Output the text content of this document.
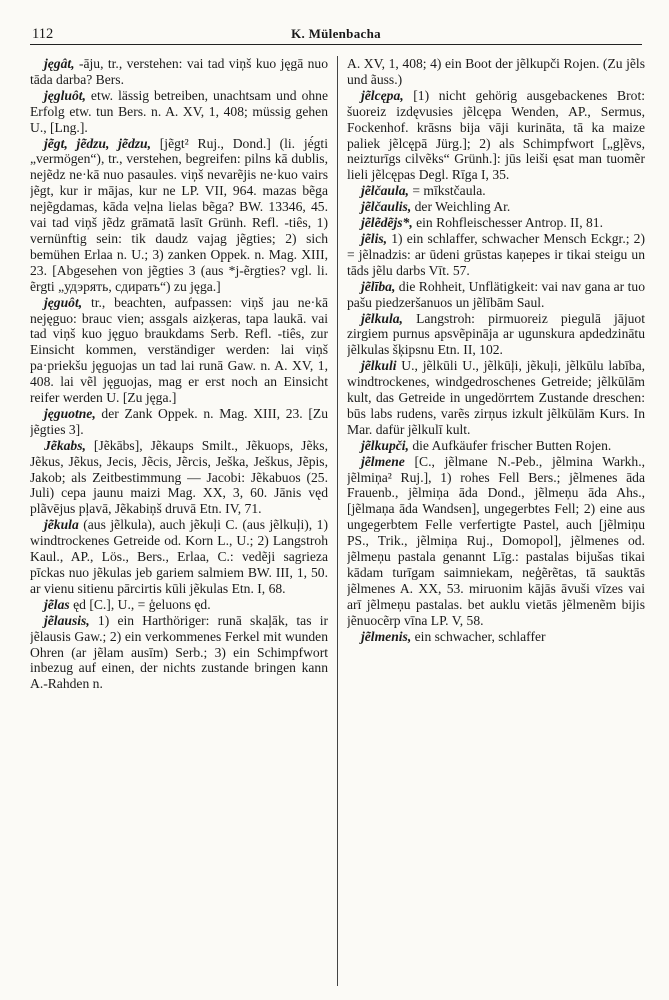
112	K. Mülenbacha

jęgât, -āju, tr., verstehen: vai tad viņš kuo jęgā nuo tāda darba? Bers.

jęgluôt, etw. lässig betreiben, unachtsam und ohne Erfolg etw. tun Bers. n. A. XV, 1, 408; müssig gehen U., [Lng.].

jẽgt, jẽdzu, jẽdzu, [jẽgt² Ruj., Dond.] (li. jė́gti „vermögen“), tr., verstehen, begreifen: pilns kā dublis, nejẽdz ne·kā nuo pasaules. viņš nevarẽjis ne·kuo vairs jẽgt, kur ir mājas, kur ne LP. VII, 964. mazas bẽga nejẽgdamas, kāda veļna lielas bẽga? BW. 13346, 45. vai tad viņš jẽdz grāmatā lasīt Grünh. Refl. -tiês, 1) vernünftig sein: tik daudz vajag jẽgties; 2) sich bemühen Erlaa n. U.; 3) zanken Oppek. n. Mag. XIII, 23. [Abgesehen von jẽgties 3 (aus *j-ẽrgties? vgl. li. ẽrgti „удэрять, сдирать“) zu jęga.]

jęguôt, tr., beachten, aufpassen: viņš jau ne·kā nejęguo: brauc vien; assgals aizķeras, tapa laukā. vai tad viņš kuo jęguo braukdams Serb. Refl. -tiês, zur Einsicht kommen, verständiger werden: lai viņš pa·priekšu jęguojas un tad lai runā Gaw. n. A. XV, 1, 408. lai vẽl jęguojas, mag er erst noch an Einsicht reifer werden U. [Zu jęga.]

jęguotne, der Zank Oppek. n. Mag. XIII, 23. [Zu jẽgties 3].

Jẽkabs, [Jẽkābs], Jẽkaups Smilt., Jẽkuops, Jẽks, Jẽkus, Jẽkus, Jecis, Jẽcis, Jẽrcis, Ješka, Ješkus, Jẽpis, Jakob; als Zeitbestimmung — Jacobi: Jẽkabuos (25. Juli) cepa jaunu maizi Mag. XX, 3, 60. Jānis vęd plãvējus pļavā, Jẽkabiņš druvā Etn. IV, 71.

jẽkula (aus jẽlkula), auch jẽkuļi C. (aus jẽlkuļi), 1) windtrockenes Getreide od. Korn L., U.; 2) Langstroh Kaul., AP., Lös., Bers., Erlaa, C.: vedẽji sagrieza pīckas nuo jẽkulas jeb gariem salmiem BW. III, 1, 50. ar vienu sitienu pārcirtis kūli jẽkulas Etn. I, 68.

jẽlas ęd [C.], U., = ģeluons ęd.

jẽlausis, 1) ein Harthöriger: runā skaļāk, tas ir jẽlausis Gaw.; 2) ein verkommenes Ferkel mit wunden Ohren (ar jẽlam ausīm) Serb.; 3) ein Schimpfwort inbezug auf einen, der nichts zustande bringen kann A.-Rahden n.

A. XV, 1, 408; 4) ein Boot der jẽlkupči Rojen. (Zu jẽls und ãuss.)

jẽlcępa, [1) nicht gehörig ausgebackenes Brot: šuoreiz izdęvusies jẽlcępa Wenden, AP., Sermus, Fockenhof. krāsns bija vāji kurināta, tā ka maize paliek jẽlcępā Jürg.]; 2) als Schimpfwort [„gļẽvs, neizturīgs cilvẽks“ Grünh.]: jūs leiši ęsat man tuomẽr lieli jẽlcępas Degl. Rīga I, 35.

jẽlčaula, = mīkstčaula.

jẽlčaulis, der Weichling Ar.

jẽlẽdẽjs*, ein Rohfleischesser Antrop. II, 81.

jẽlis, 1) ein schlaffer, schwacher Mensch Eckgr.; 2) = jẽlnadzis: ar ūdeni grūstas kaņepes ir tikai steigu un tāds jẽlu darbs Vīt. 57.

jẽlība, die Rohheit, Unflätigkeit: vai nav gana ar tuo pašu piedzeršanuos un jẽlībām Saul.

jẽlkula, Langstroh: pirmuoreiz piegulā jājuot zirgiem purnus apsvẽpināja ar ugunskura apdedzinātu jẽlkulas šķipsnu Etn. II, 102.

jẽlkuli U., jẽlkūli U., jẽlkūļi, jẽkuļi, jẽlkūlu labība, windtrockenes, windgedroschenes Getreide; jẽlkūlām kult, das Getreide in ungedörrtem Zustande dreschen: būs labs rudens, varẽs zirņus izkult jẽlkūlām Kurs. In Mar. dafür jẽlkulī kult.

jẽlkupči, die Aufkäufer frischer Butten Rojen.

jẽlmene [C., jẽlmane N.-Peb., jẽlmina Warkh., jẽlmiņa² Ruj.], 1) rohes Fell Bers.; jẽlmenes āda Frauenb., jẽlmiņa āda Dond., jẽlmeņu āda Ahs., [jẽlmaņa āda Wandsen], ungegerbtes Fell; 2) eine aus ungegerbtem Felle verfertigte Pastel, auch [jẽlmiņu PS., Trik., jẽlmiņa Ruj., Domopol], jẽlmenes od. jẽlmeņu pastala genannt Līg.: pastalas bijušas tikai kādam turīgam saimniekam, neģẽrẽtas, tā sauktās jẽlmenes A. XX, 53. miruonim kājās āvuši vīzes vai arī jẽlmeņu pastalas. bet auklu vietās jẽlmenẽm bijis jẽnuocẽrp vīna LP. V, 58.

jẽlmenis, ein schwacher, schlaffer
